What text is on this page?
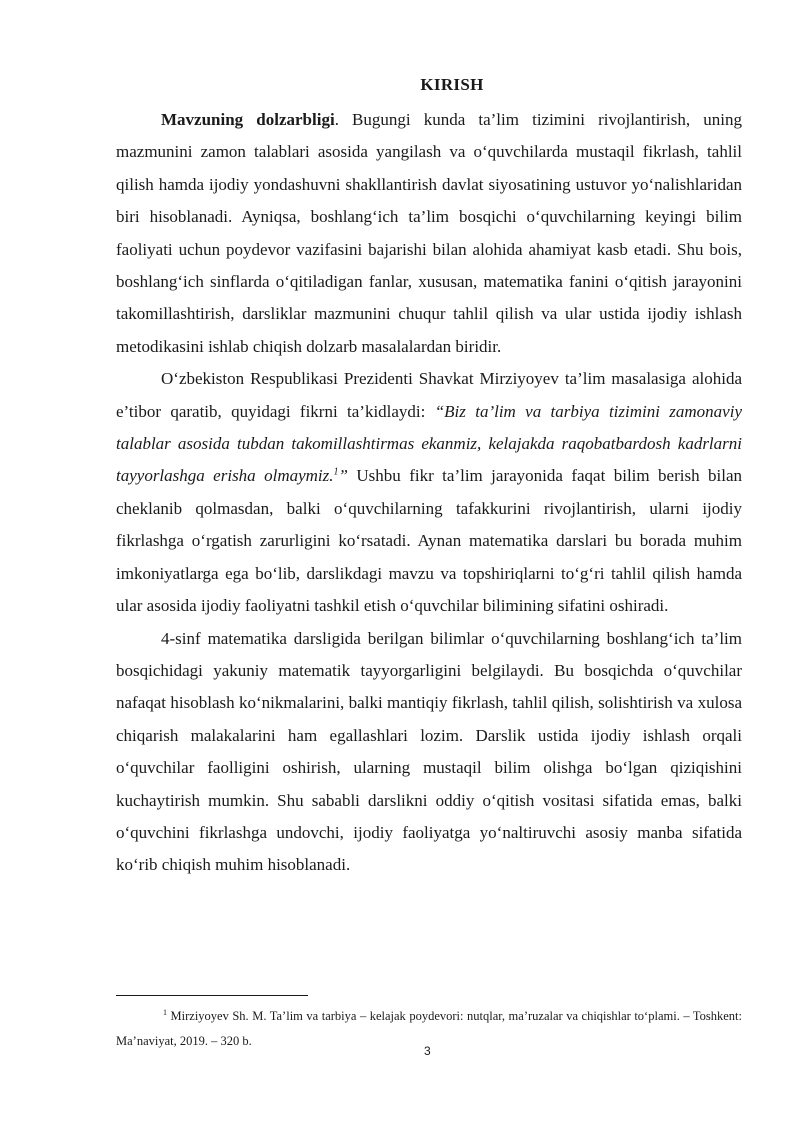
KIRISH

Mavzuning dolzarbligi. Bugungi kunda ta’lim tizimini rivojlantirish, uning mazmunini zamon talablari asosida yangilash va o‘quvchilarda mustaqil fikrlash, tahlil qilish hamda ijodiy yondashuvni shakllantirish davlat siyosatining ustuvor yo‘nalishlaridan biri hisoblanadi. Ayniqsa, boshlang‘ich ta’lim bosqichi o‘quvchilarning keyingi bilim faoliyati uchun poydevor vazifasini bajarishi bilan alohida ahamiyat kasb etadi. Shu bois, boshlang‘ich sinflarda o‘qitiladigan fanlar, xususan, matematika fanini o‘qitish jarayonini takomillashtirish, darsliklar mazmunini chuqur tahlil qilish va ular ustida ijodiy ishlash metodikasini ishlab chiqish dolzarb masalalardan biridir.

O‘zbekiston Respublikasi Prezidenti Shavkat Mirziyoyev ta’lim masalasiga alohida e’tibor qaratib, quyidagi fikrni ta’kidlaydi: “Biz ta’lim va tarbiya tizimini zamonaviy talablar asosida tubdan takomillashtirmas ekanmiz, kelajakda raqobatbardosh kadrlarni tayyorlashga erisha olmaymiz.$^1$” Ushbu fikr ta’lim jarayonida faqat bilim berish bilan cheklanib qolmasdan, balki o‘quvchilarning tafakkurini rivojlantirish, ularni ijodiy fikrlashga o‘rgatish zarurligini ko‘rsatadi. Aynan matematika darslari bu borada muhim imkoniyatlarga ega bo‘lib, darslikdagi mavzu va topshiriqlarni to‘g‘ri tahlil qilish hamda ular asosida ijodiy faoliyatni tashkil etish o‘quvchilar bilimining sifatini oshiradi.

4-sinf matematika darsligida berilgan bilimlar o‘quvchilarning boshlang‘ich ta’lim bosqichidagi yakuniy matematik tayyorgarligini belgilaydi. Bu bosqichda o‘quvchilar nafaqat hisoblash ko‘nikmalarini, balki mantiqiy fikrlash, tahlil qilish, solishtirish va xulosa chiqarish malakalarini ham egallashlari lozim. Darslik ustida ijodiy ishlash orqali o‘quvchilar faolligini oshirish, ularning mustaqil bilim olishga bo‘lgan qiziqishini kuchaytirish mumkin. Shu sababli darslikni oddiy o‘qitish vositasi sifatida emas, balki o‘quvchini fikrlashga undovchi, ijodiy faoliyatga yo‘naltiruvchi asosiy manba sifatida ko‘rib chiqish muhim hisoblanadi.

$^1$ Mirziyoyev Sh. M. Ta’lim va tarbiya – kelajak poydevori: nutqlar, ma’ruzalar va chiqishlar to‘plami. – Toshkent: Ma’naviyat, 2019. – 320 b.
3
